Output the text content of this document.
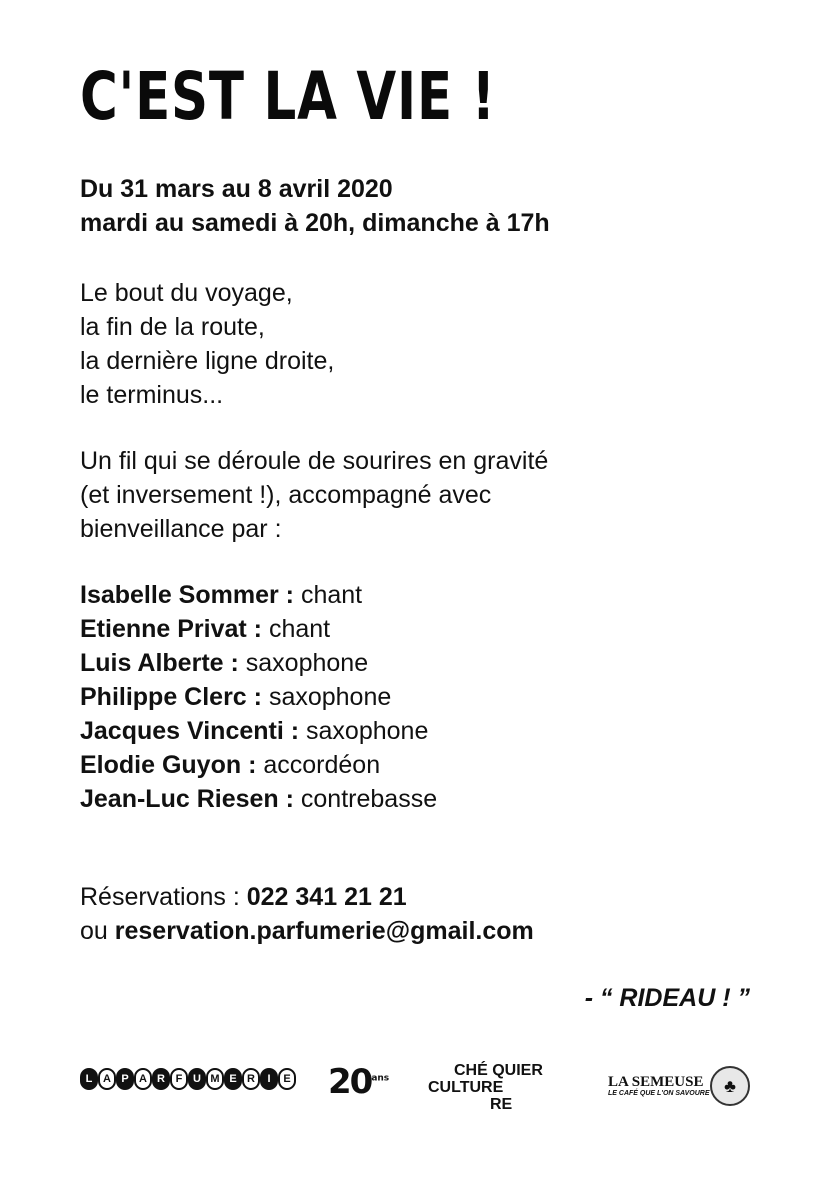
C'EST LA VIE !
Du 31 mars au 8 avril 2020
mardi au samedi à 20h, dimanche à 17h
Le bout du voyage,
la fin de la route,
la dernière ligne droite,
le terminus...
Un fil qui se déroule de sourires en gravité
(et inversement !), accompagné avec
bienveillance par :
Isabelle Sommer : chant
Etienne Privat : chant
Luis Alberte : saxophone
Philippe Clerc : saxophone
Jacques Vincenti : saxophone
Elodie Guyon : accordéon
Jean-Luc Riesen : contrebasse
Réservations : 022 341 21 21
ou reservation.parfumerie@gmail.com
- “ RIDEAU ! ”
L A P A R F U M E R	I	E $20^{ans}$	CHÉ QUIER
CULTURE
RE
LA SEMEUSE
LE CAFÉ QUE L'ON SAVOURE ♣
